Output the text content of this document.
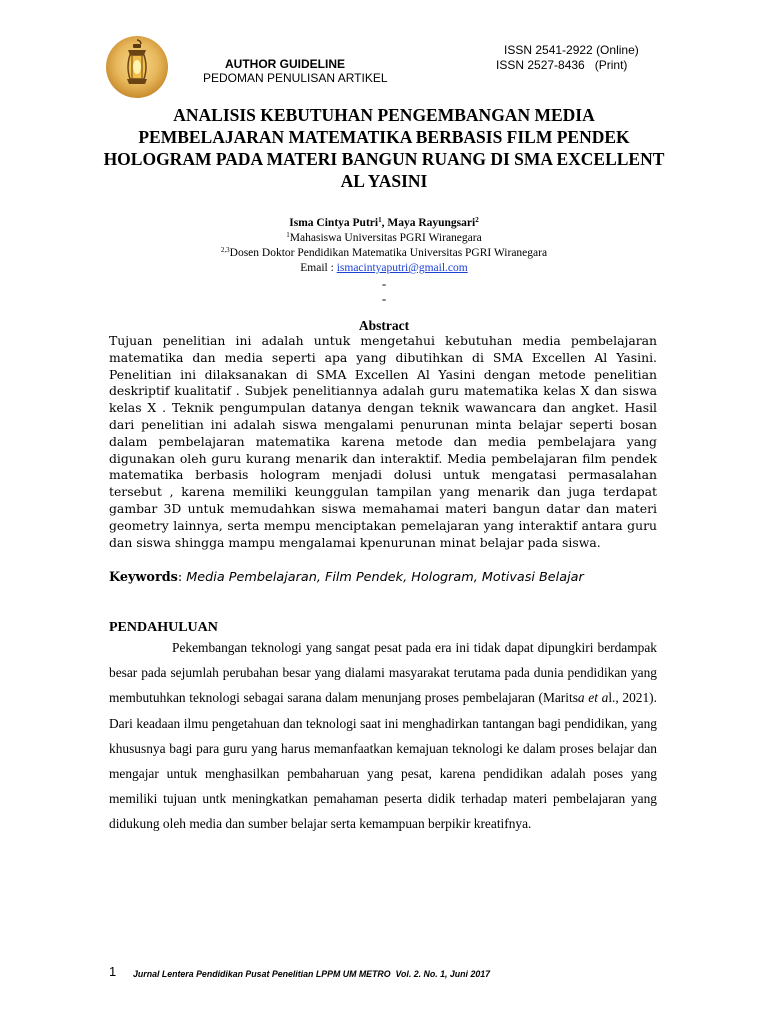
AUTHOR GUIDELINE
PEDOMAN PENULISAN ARTIKEL
ISSN 2541-2922 (Online)
ISSN 2527-8436   (Print)
ANALISIS KEBUTUHAN PENGEMBANGAN MEDIA PEMBELAJARAN MATEMATIKA BERBASIS FILM PENDEK HOLOGRAM PADA MATERI BANGUN RUANG DI SMA EXCELLENT AL YASINI
Isma Cintya Putri$^1$, Maya Rayungsari$^2$
$^1$Mahasiswa Universitas PGRI Wiranegara
$^{2,3}$Dosen Doktor Pendidikan Matematika Universitas PGRI Wiranegara
Email : ismacintyaputri@gmail.com
-
-
Abstract
Tujuan penelitian ini adalah untuk mengetahui kebutuhan media pembelajaran matematika dan media seperti apa yang dibutihkan di SMA Excellen Al Yasini. Penelitian ini dilaksanakan di SMA Excellen Al Yasini dengan metode penelitian deskriptif kualitatif . Subjek penelitiannya adalah guru matematika kelas X dan siswa kelas X . Teknik pengumpulan datanya dengan teknik wawancara dan angket. Hasil dari penelitian ini adalah siswa mengalami penurunan minta belajar seperti bosan dalam pembelajaran matematika karena metode dan media pembelajara yang digunakan oleh guru kurang menarik dan interaktif. Media pembelajaran film pendek matematika berbasis hologram menjadi dolusi untuk mengatasi permasalahan tersebut , karena memiliki keunggulan tampilan yang menarik dan juga terdapat gambar 3D untuk memudahkan siswa memahamai materi bangun datar dan materi geometry lainnya, serta mempu menciptakan pemelajaran yang interaktif antara guru dan siswa shingga mampu mengalamai kpenurunan minat belajar pada siswa.
Keywords: Media Pembelajaran, Film Pendek, Hologram, Motivasi Belajar
PENDAHULUAN
Pekembangan teknologi yang sangat pesat pada era ini tidak dapat dipungkiri berdampak besar pada sejumlah perubahan besar yang dialami masyarakat terutama pada dunia pendidikan yang membutuhkan teknologi sebagai sarana dalam menunjang proses pembelajaran (Maritsa et al., 2021). Dari keadaan ilmu pengetahuan dan teknologi saat ini menghadirkan tantangan bagi pendidikan, yang khususnya bagi para guru yang harus memanfaatkan kemajuan teknologi ke dalam proses belajar dan mengajar untuk menghasilkan pembaharuan yang pesat, karena pendidikan adalah poses yang memiliki tujuan untk meningkatkan pemahaman peserta didik terhadap materi pembelajaran yang didukung oleh media dan sumber belajar serta kemampuan berpikir kreatifnya.
1 Jurnal Lentera Pendidikan Pusat Penelitian LPPM UM METRO  Vol. 2. No. 1, Juni 2017
